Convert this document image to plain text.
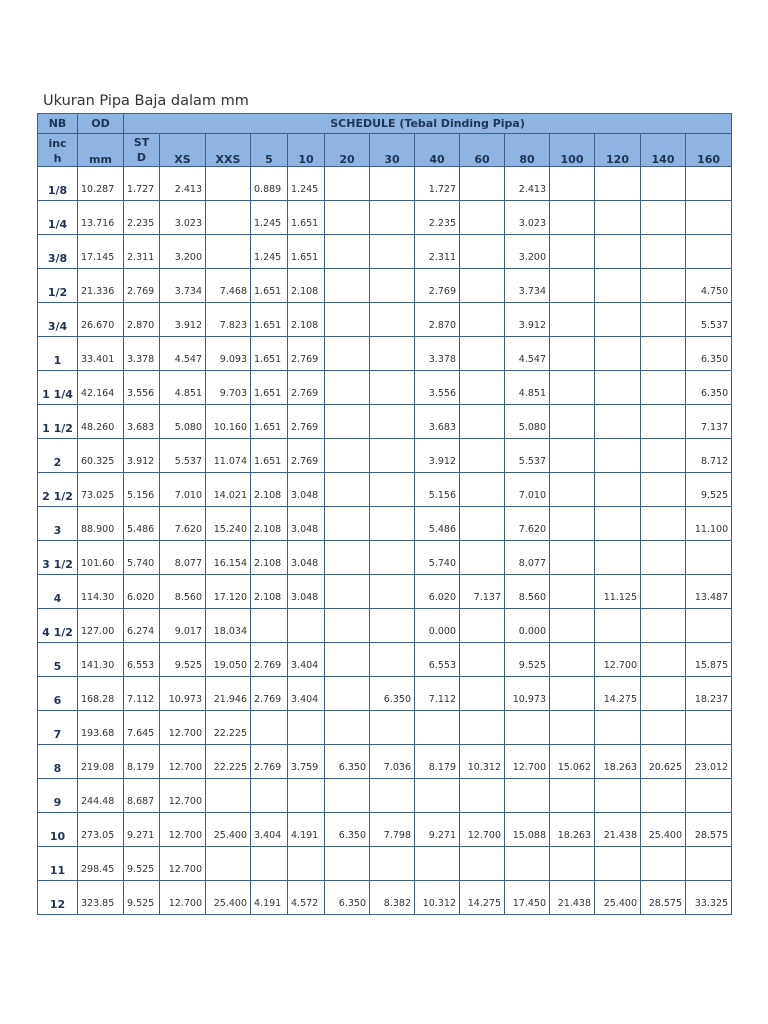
Ukuran Pipa Baja dalam mm
NB	OD	SCHEDULE (Tebal Dinding Pipa)													

inch	mm	STD	XS	XXS	5	10	20	30	40	60	80	100	120	140	160
1/8	10.287	1.727	2.413		0.889	1.245			1.727		2.413				
1/4	13.716	2.235	3.023		1.245	1.651			2.235		3.023				
3/8	17.145	2.311	3.200		1.245	1.651			2.311		3.200				
1/2	21.336	2.769	3.734	7.468	1.651	2.108			2.769		3.734				4.750
3/4	26.670	2.870	3.912	7.823	1.651	2.108			2.870		3.912				5.537
1	33.401	3.378	4.547	9.093	1.651	2.769			3.378		4.547				6.350
1 1/4	42.164	3.556	4.851	9.703	1.651	2.769			3.556		4.851				6.350
1 1/2	48.260	3.683	5.080	10.160	1.651	2.769			3.683		5.080				7.137
2	60.325	3.912	5.537	11.074	1.651	2.769			3.912		5.537				8.712
2 1/2	73.025	5.156	7.010	14.021	2.108	3.048			5.156		7.010				9.525
3	88.900	5.486	7.620	15.240	2.108	3.048			5.486		7.620				11.100
3 1/2	101.60	5.740	8.077	16.154	2.108	3.048			5.740		8.077				
4	114.30	6.020	8.560	17.120	2.108	3.048			6.020	7.137	8.560		11.125		13.487
4 1/2	127.00	6.274	9.017	18.034					0.000		0.000				
5	141.30	6.553	9.525	19.050	2.769	3.404			6.553		9.525		12.700		15.875
6	168.28	7.112	10.973	21.946	2.769	3.404		6.350	7.112		10.973		14.275		18.237
7	193.68	7.645	12.700	22.225											
8	219.08	8.179	12.700	22.225	2.769	3.759	6.350	7.036	8.179	10.312	12.700	15.062	18.263	20.625	23.012
9	244.48	8.687	12.700												
10	273.05	9.271	12.700	25.400	3.404	4.191	6.350	7.798	9.271	12.700	15.088	18.263	21.438	25.400	28.575
11	298.45	9.525	12.700												
12	323.85	9.525	12.700	25.400	4.191	4.572	6.350	8.382	10.312	14.275	17.450	21.438	25.400	28.575	33.325
